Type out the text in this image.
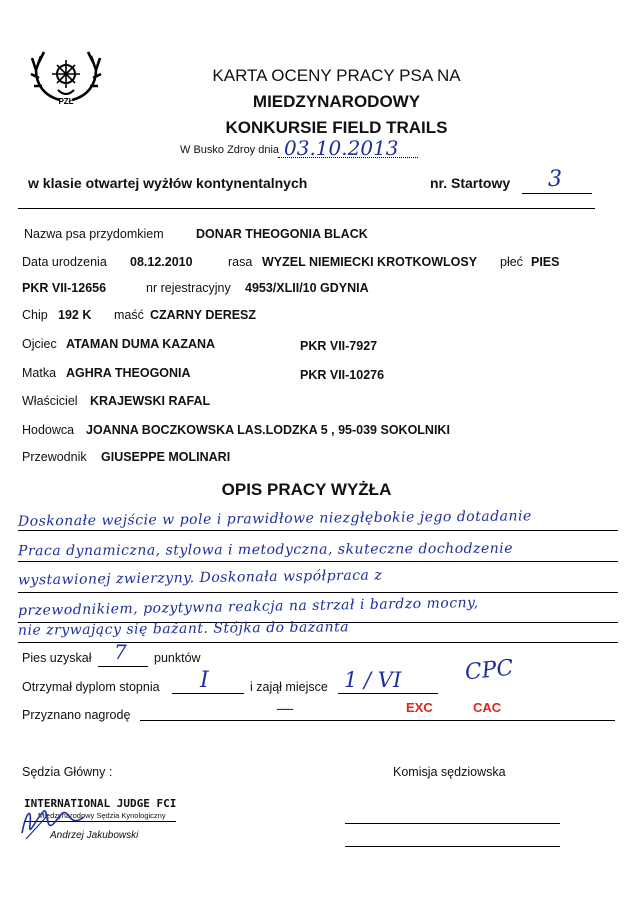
PZŁ
KARTA OCENY PRACY PSA NA
MIEDZYNARODOWY
KONKURSIE FIELD TRAILS
W Busko Zdroy dnia 03.10.2013
w klasie otwartej wyżłów kontynentalnych	nr. Startowy 3
Nazwa psa przydomkiem	DONAR THEOGONIA BLACK
Data urodzenia 08.12.2010	rasa WYZEL NIEMIECKI KROTKOWLOSY płeć PIES
PKR VII-12656	nr rejestracyjny 4953/XLII/10 GDYNIA
Chip 192 K maść CZARNY DERESZ
Ojciec ATAMAN DUMA KAZANA	PKR VII-7927
Matka AGHRA THEOGONIA	PKR VII-10276
Właściciel KRAJEWSKI RAFAL
Hodowca JOANNA BOCZKOWSKA LAS.LODZKA 5 , 95-039 SOKOLNIKI
Przewodnik GIUSEPPE MOLINARI
OPIS PRACY WYŻŁA
Doskonałe wejście w pole i prawidłowe niezgłębokie jego dotadanie
Praca dynamiczna, stylowa i metodyczna, skuteczne dochodzenie
wystawionej zwierzyny. Doskonała współpraca z
przewodnikiem, pozytywna reakcja na strzał i bardzo mocny,
nie zrywający się bażant. Stójka do bażanta
Pies uzyskał 7 punktów
Otrzymał dyplom stopnia I	i zajął miejsce 1 / VI	CPC
Przyznano nagrodę	—	EXC	CAC
Sędzia Główny :	Komisja sędziowska
INTERNATIONAL JUDGE FCI
Międzynarodowy Sędzia Kynologiczny
Andrzej Jakubowski
